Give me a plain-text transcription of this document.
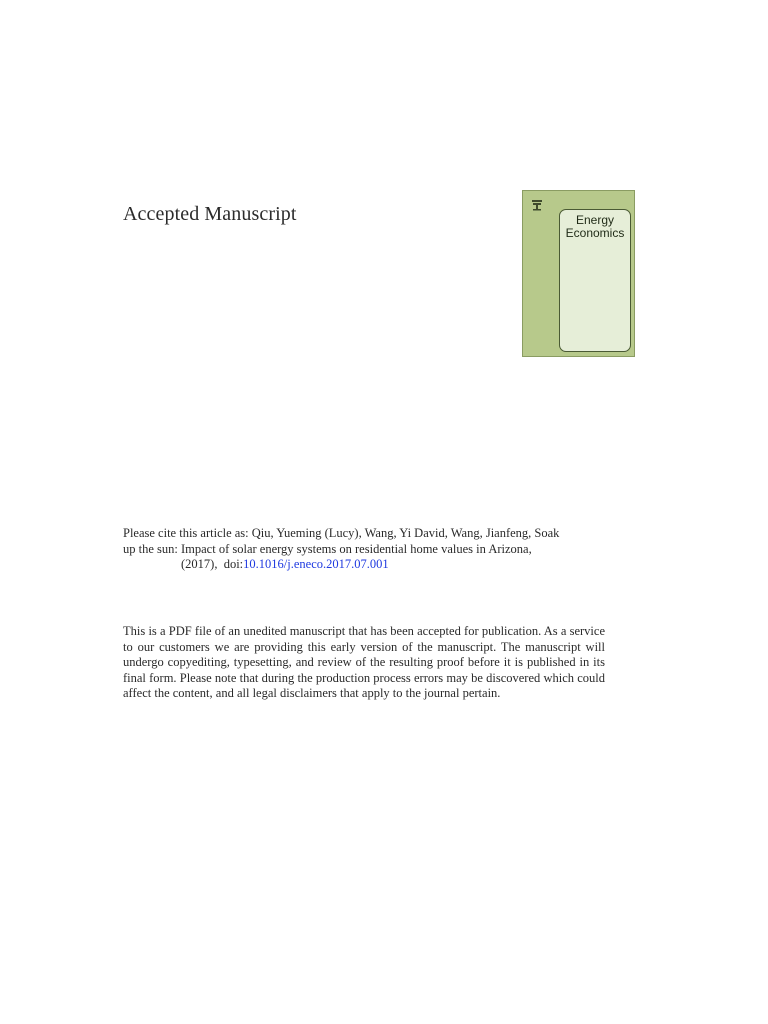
Accepted Manuscript	Energy
Economics
Please cite this article as: Qiu, Yueming (Lucy), Wang, Yi David, Wang, Jianfeng, Soak
up the sun: Impact of solar energy systems on residential home values in Arizona,
(2017), doi:10.1016/j.eneco.2017.07.001
This is a PDF file of an unedited manuscript that has been accepted for publication. As a service to our customers we are providing this early version of the manuscript. The manuscript will undergo copyediting, typesetting, and review of the resulting proof before it is published in its final form. Please note that during the production process errors may be discovered which could affect the content, and all legal disclaimers that apply to the journal pertain.
